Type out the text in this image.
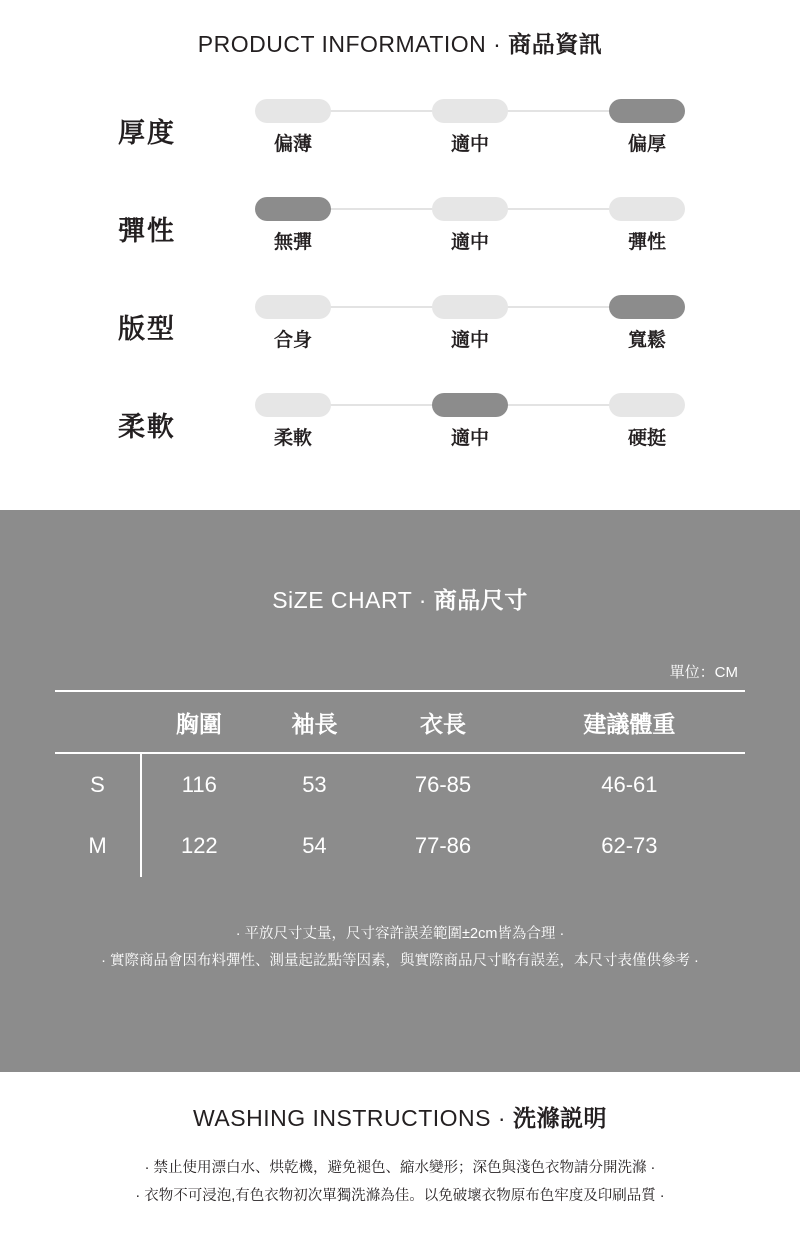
PRODUCT INFORMATION · 商品資訊
厚度	偏薄	適中	偏厚
彈性	無彈	適中	彈性
版型	合身	適中	寬鬆
柔軟	柔軟	適中	硬挺
SiZE CHART · 商品尺寸
單位：CM
	胸圍	袖長	衣長	建議體重
S	116	53	76-85	46-61
M	122	54	77-86	62-73
· 平放尺寸丈量，尺寸容許誤差範圍±2cm皆為合理 ·
· 實際商品會因布料彈性、測量起訖點等因素，與實際商品尺寸略有誤差，本尺寸表僅供參考 ·
WASHING INSTRUCTIONS · 洗滌説明
· 禁止使用漂白水、烘乾機，避免褪色、縮水變形；深色與淺色衣物請分開洗滌 ·
· 衣物不可浸泡,有色衣物初次單獨洗滌為佳。以免破壞衣物原布色牢度及印刷品質 ·
